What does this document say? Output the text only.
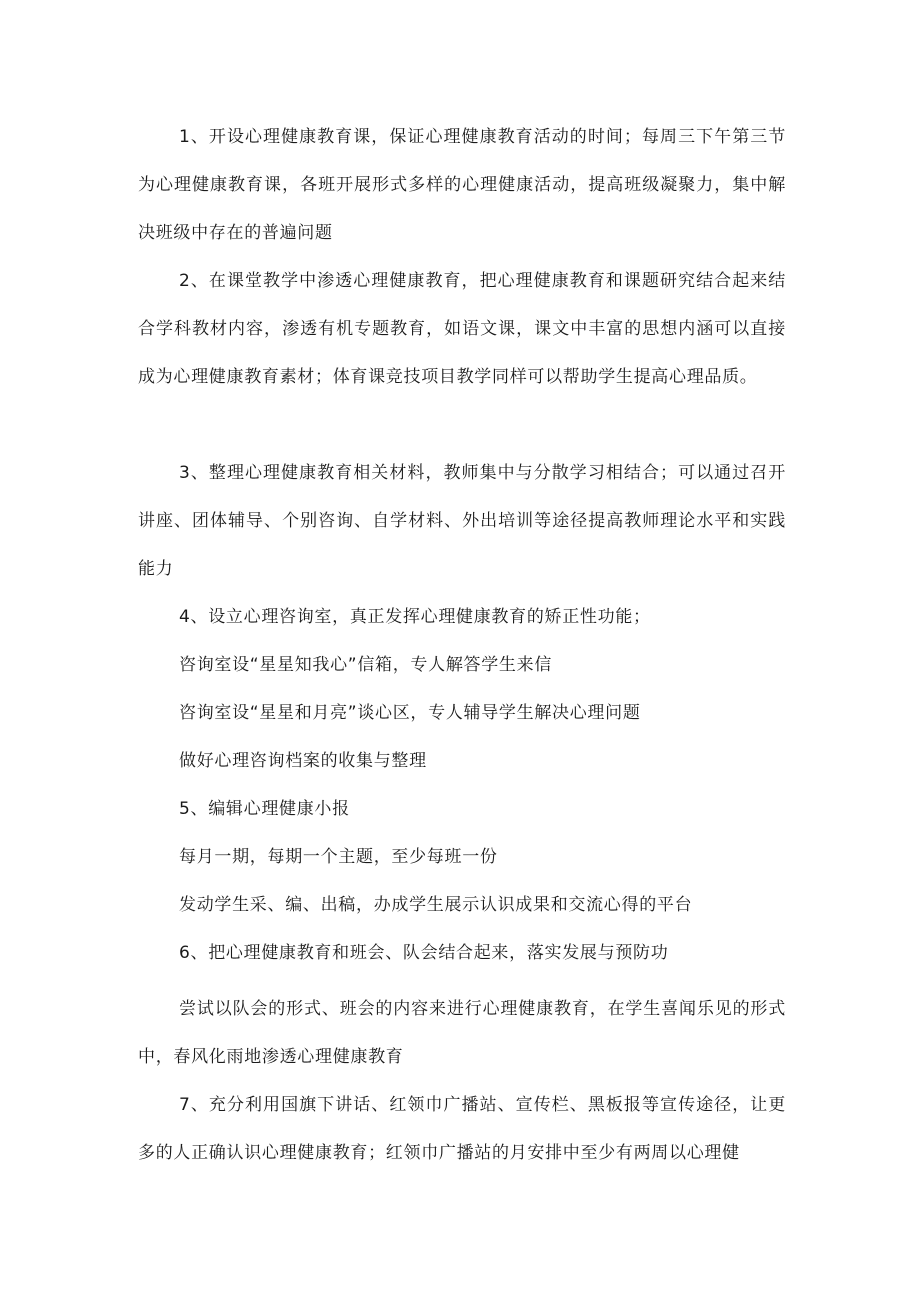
1、开设心理健康教育课，保证心理健康教育活动的时间；每周三下午第三节为心理健康教育课，各班开展形式多样的心理健康活动，提高班级凝聚力，集中解决班级中存在的普遍问题

2、在课堂教学中渗透心理健康教育，把心理健康教育和课题研究结合起来结合学科教材内容，渗透有机专题教育，如语文课，课文中丰富的思想内涵可以直接成为心理健康教育素材；体育课竞技项目教学同样可以帮助学生提高心理品质。

3、整理心理健康教育相关材料，教师集中与分散学习相结合；可以通过召开讲座、团体辅导、个别咨询、自学材料、外出培训等途径提高教师理论水平和实践能力

4、设立心理咨询室，真正发挥心理健康教育的矫正性功能；

咨询室设“星星知我心”信箱，专人解答学生来信

咨询室设“星星和月亮”谈心区，专人辅导学生解决心理问题

做好心理咨询档案的收集与整理

5、编辑心理健康小报

每月一期，每期一个主题，至少每班一份

发动学生采、编、出稿，办成学生展示认识成果和交流心得的平台

6、把心理健康教育和班会、队会结合起来，落实发展与预防功

尝试以队会的形式、班会的内容来进行心理健康教育，在学生喜闻乐见的形式中，春风化雨地渗透心理健康教育

7、充分利用国旗下讲话、红领巾广播站、宣传栏、黑板报等宣传途径，让更多的人正确认识心理健康教育；红领巾广播站的月安排中至少有两周以心理健
